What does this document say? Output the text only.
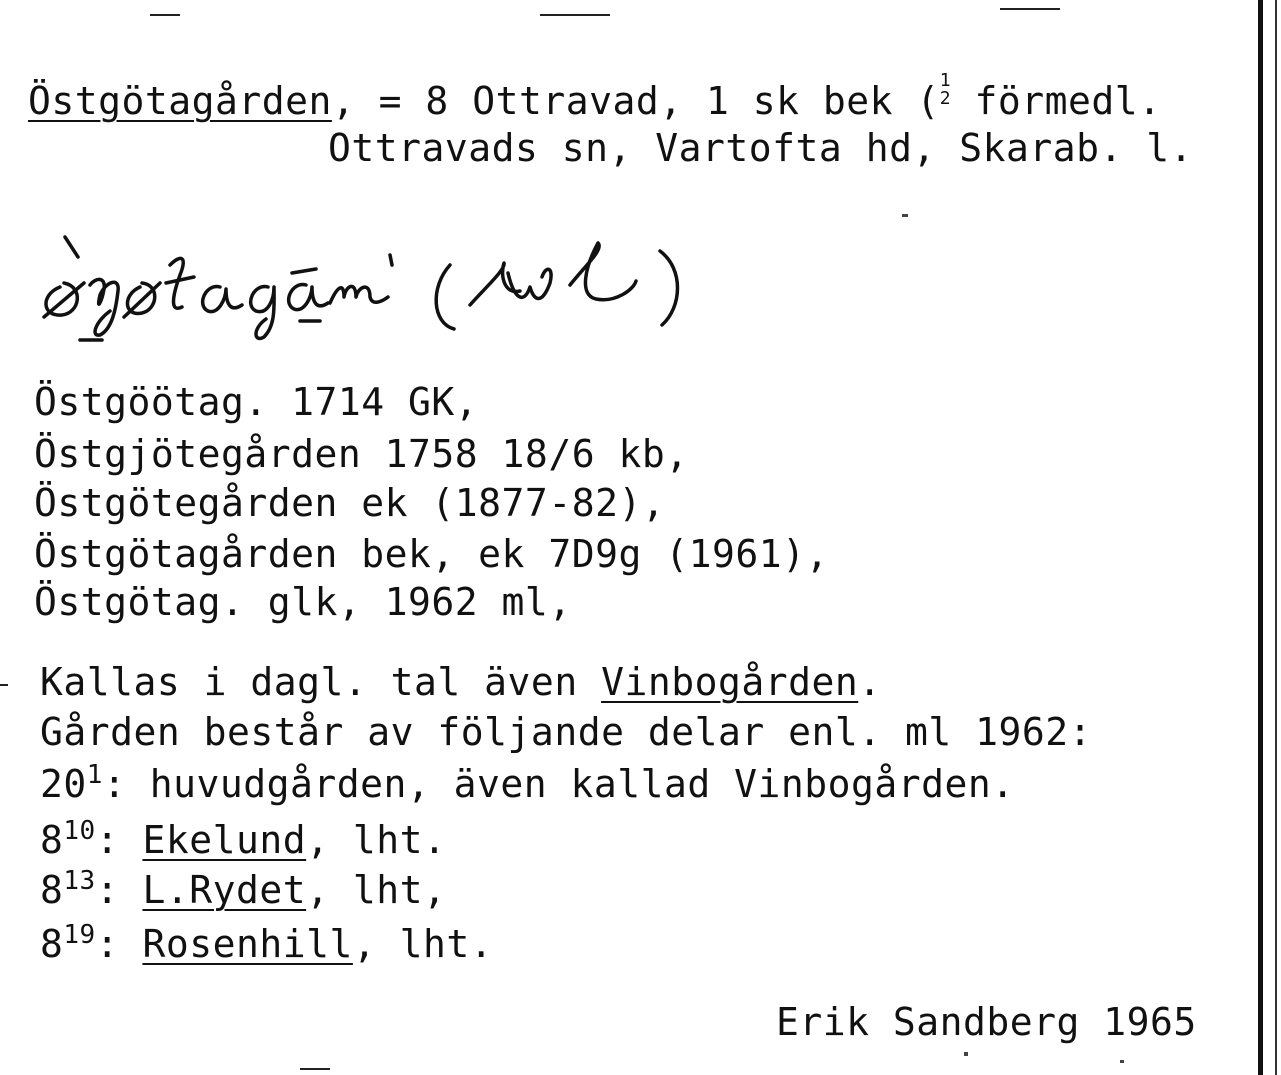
Östgötagården, = 8 Ottravad, 1 sk bek ( 1
2 förmedl.
Ottravads sn, Vartofta hd, Skarab. l.
Östgöötag. 1714 GK,
Östgjötegården 1758 18/6 kb,
Östgötegården ek (1877-82),
Östgötagården bek, ek 7D9g (1961),
Östgötag. glk, 1962 ml,
Kallas i dagl. tal även Vinbogården.
Gården består av följande delar enl. ml 1962:
$20^1$: huvudgården, även kallad Vinbogården.
$8^{10}$: Ekelund, lht.
$8^{13}$: L.Rydet, lht,
$8^{19}$: Rosenhill, lht.
Erik Sandberg 1965
